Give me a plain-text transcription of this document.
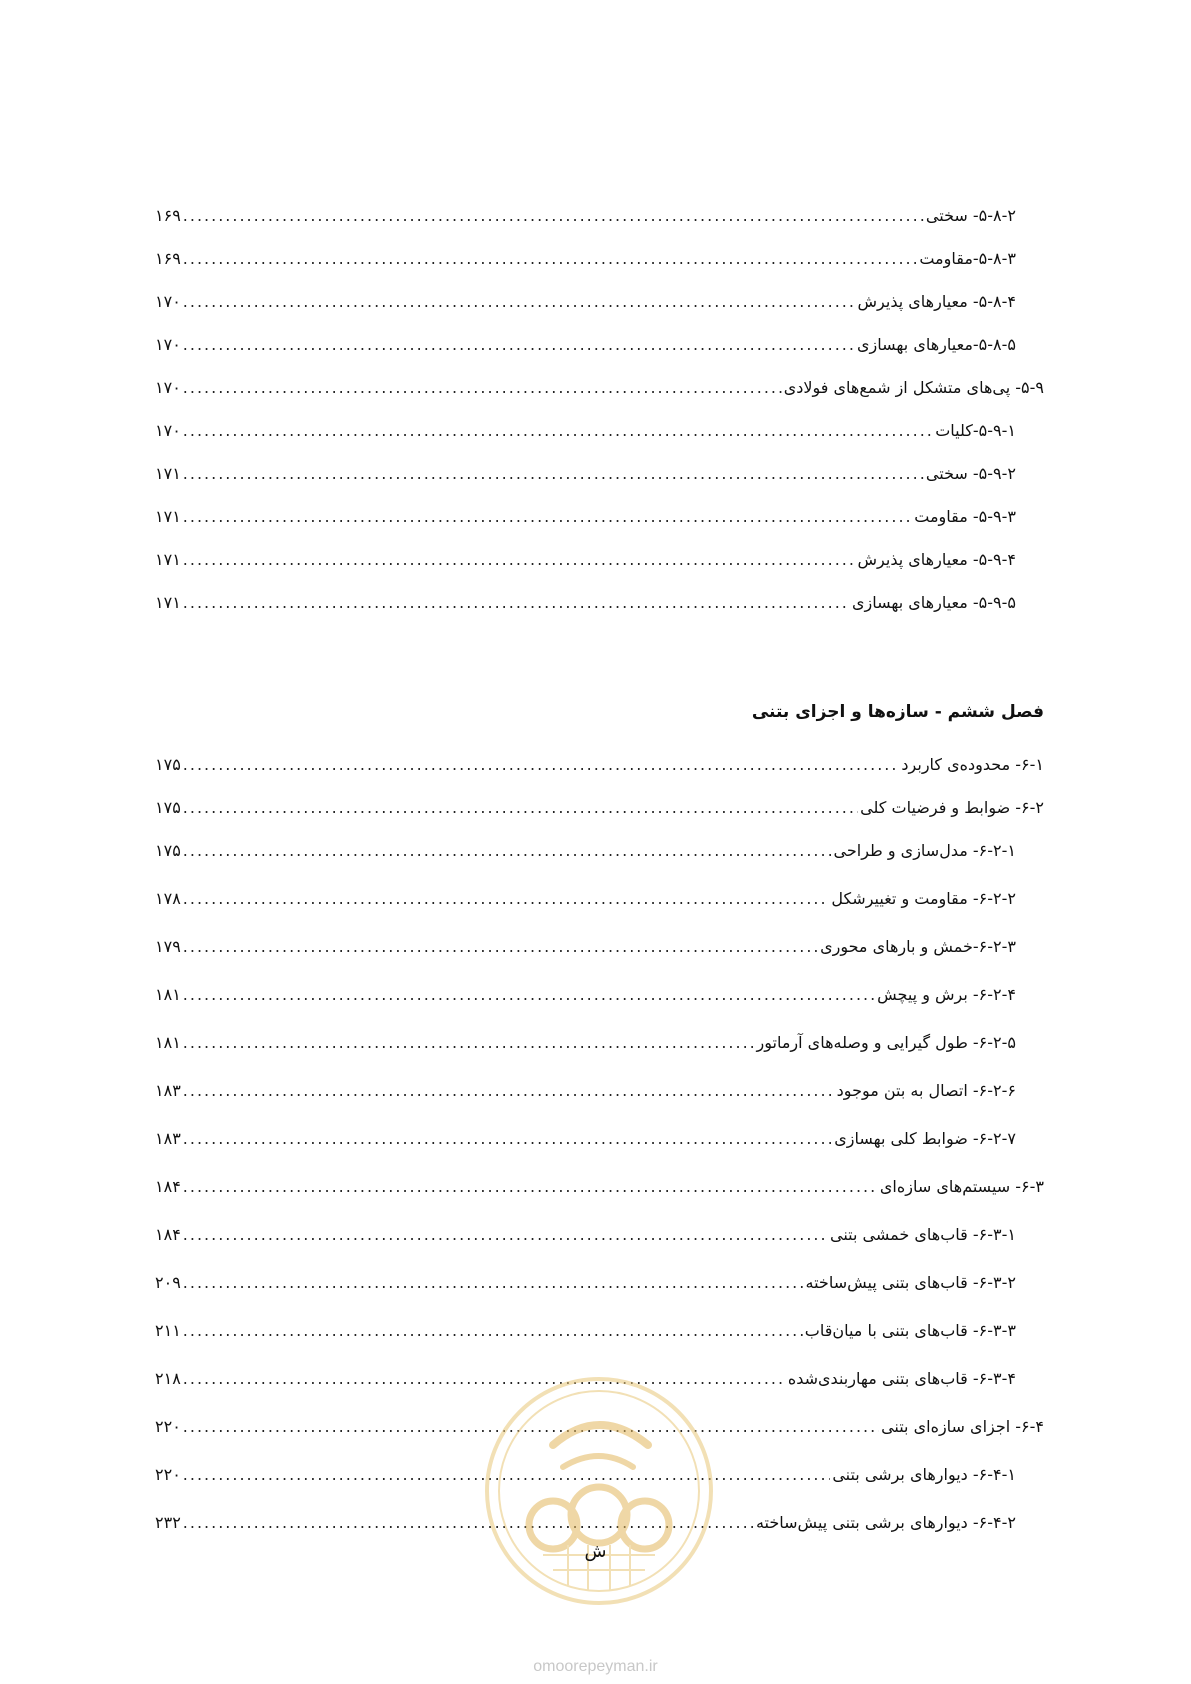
۵-۸-۲- سختی
.....
۱۶۹
۵-۸-۳-مقاومت
.....
۱۶۹
۵-۸-۴- معیارهای پذیرش
.....
۱۷۰
۵-۸-۵-معیارهای بهسازی
.....
۱۷۰
۵-۹- پی‌های متشکل از شمع‌های فولادی
.....
۱۷۰
۵-۹-۱-کلیات
.....
۱۷۰
۵-۹-۲- سختی
.....
۱۷۱
۵-۹-۳- مقاومت
.....
۱۷۱
۵-۹-۴- معیارهای پذیرش
.....
۱۷۱
۵-۹-۵- معیارهای بهسازی
.....
۱۷۱
فصل ششم - سازه‌ها و اجزای بتنی
۶-۱- محدوده‌ی کاربرد
.....
۱۷۵
۶-۲- ضوابط و فرضیات کلی
.....
۱۷۵
۶-۲-۱- مدل‌سازی و طراحی
.....
۱۷۵
۶-۲-۲- مقاومت و تغییرشکل
.....
۱۷۸
۶-۲-۳-خمش و بارهای محوری
.....
۱۷۹
۶-۲-۴- برش و پیچش
.....
۱۸۱
۶-۲-۵- طول گیرایی و وصله‌های آرماتور
.....
۱۸۱
۶-۲-۶- اتصال به بتن موجود
.....
۱۸۳
۶-۲-۷- ضوابط کلی بهسازی
.....
۱۸۳
۶-۳- سیستم‌های سازه‌ای
.....
۱۸۴
۶-۳-۱- قاب‌های خمشی بتنی
.....
۱۸۴
۶-۳-۲- قاب‌های بتنی پیش‌ساخته
.....
۲۰۹
۶-۳-۳- قاب‌های بتنی با میان‌قاب
.....
۲۱۱
۶-۳-۴- قاب‌های بتنی مهاربندی‌شده
.....
۲۱۸
۶-۴- اجزای سازه‌ای بتنی
.....
۲۲۰
۶-۴-۱- دیوارهای برشی بتنی
.....
۲۲۰
۶-۴-۲- دیوارهای برشی بتنی پیش‌ساخته
.....
۲۳۲
ش
omoorepeyman.ir
